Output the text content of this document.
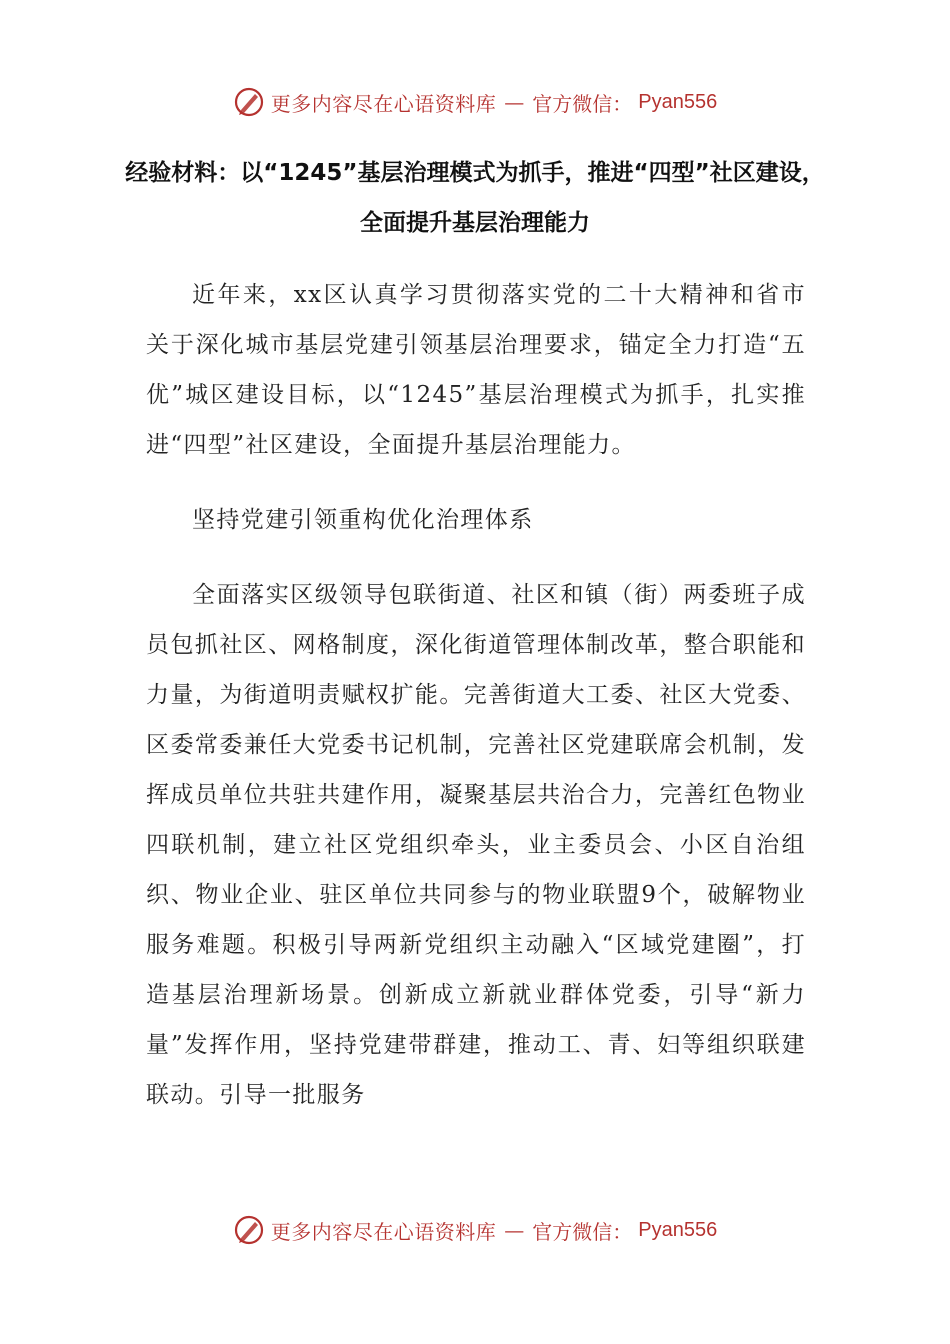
更多内容尽在心语资料库 — 官方微信： Pyan556
经验材料：以“1245”基层治理模式为抓手，推进“四型”社区建设，全面提升基层治理能力

近年来，xx区认真学习贯彻落实党的二十大精神和省市关于深化城市基层党建引领基层治理要求，锚定全力打造“五优”城区建设目标，以“1245”基层治理模式为抓手，扎实推进“四型”社区建设，全面提升基层治理能力。

坚持党建引领重构优化治理体系

全面落实区级领导包联街道、社区和镇（街）两委班子成员包抓社区、网格制度，深化街道管理体制改革，整合职能和力量，为街道明责赋权扩能。完善街道大工委、社区大党委、区委常委兼任大党委书记机制，完善社区党建联席会机制，发挥成员单位共驻共建作用，凝聚基层共治合力，完善红色物业四联机制，建立社区党组织牵头，业主委员会、小区自治组织、物业企业、驻区单位共同参与的物业联盟9个，破解物业服务难题。积极引导两新党组织主动融入“区域党建圈”，打造基层治理新场景。创新成立新就业群体党委，引导“新力量”发挥作用，坚持党建带群建，推动工、青、妇等组织联建联动。引导一批服务

更多内容尽在心语资料库 — 官方微信： Pyan556
